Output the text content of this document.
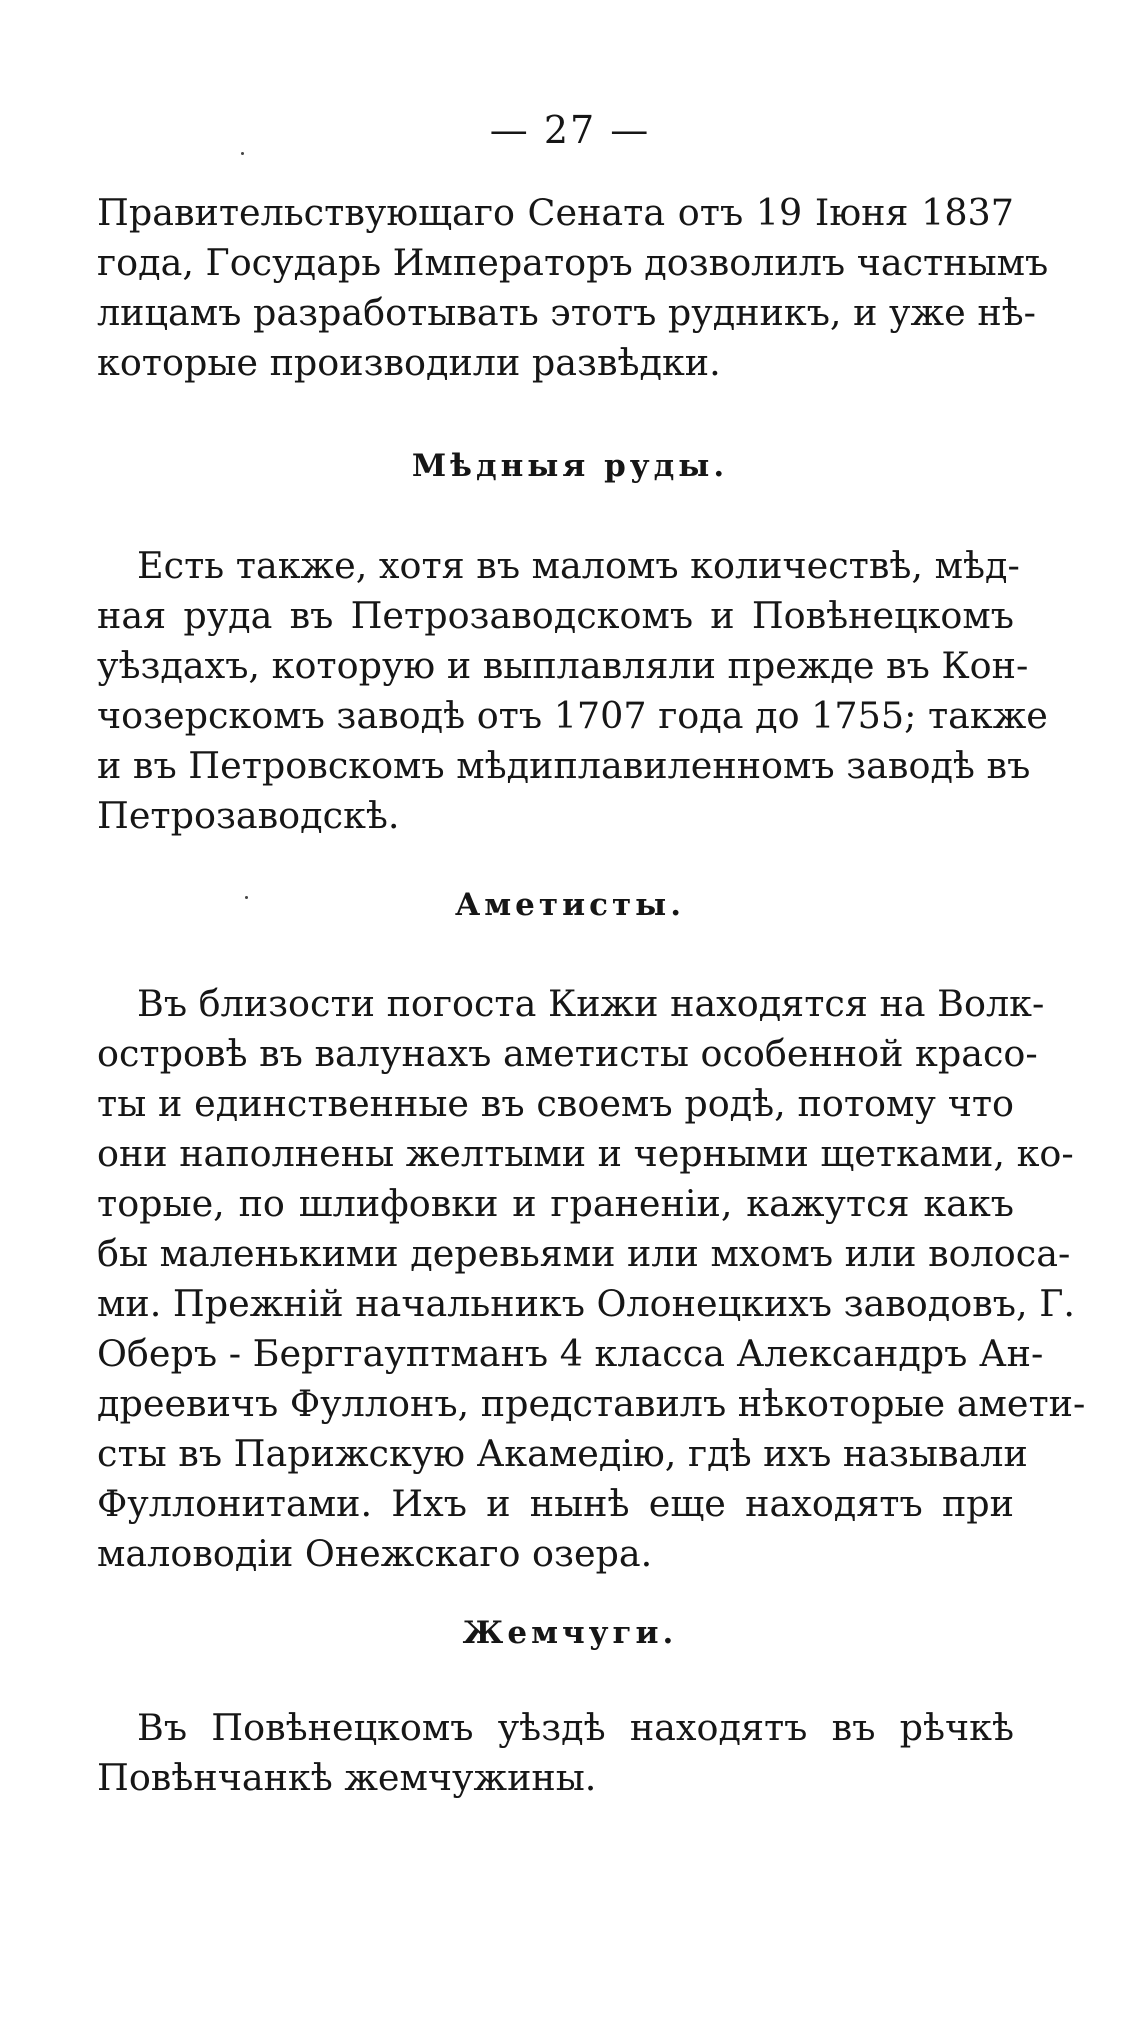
— 27 —
Правительствующаго Сената отъ 19 Іюня 1837
года, Государь Императоръ дозволилъ частнымъ
лицамъ разработывать этотъ рудникъ, и уже нѣ-
которые производили развѣдки.
Мѣдныя руды.
Есть также, хотя въ маломъ количествѣ, мѣд-
ная руда въ Петрозаводскомъ и Повѣнецкомъ
уѣздахъ, которую и выплавляли прежде въ Кон-
чозерскомъ заводѣ отъ 1707 года до 1755; также
и въ Петровскомъ мѣдиплавиленномъ заводѣ въ
Петрозаводскѣ.
Аметисты.
Въ близости погоста Кижи находятся на Волк-
островѣ въ валунахъ аметисты особенной красо-
ты и единственные въ своемъ родѣ, потому что
они наполнены желтыми и черными щетками, ко-
торые, по шлифовки и граненіи, кажутся какъ
бы маленькими деревьями или мхомъ или волоса-
ми. Прежній начальникъ Олонецкихъ заводовъ, Г.
Оберъ - Берггауптманъ 4 класса Александръ Ан-
дреевичъ Фуллонъ, представилъ нѣкоторые амети-
сты въ Парижскую Акамедію, гдѣ ихъ называли
Фуллонитами. Ихъ и нынѣ еще находятъ при
маловодіи Онежскаго озера.
Жемчуги.
Въ Повѣнецкомъ уѣздѣ находятъ въ рѣчкѣ
Повѣнчанкѣ жемчужины.
